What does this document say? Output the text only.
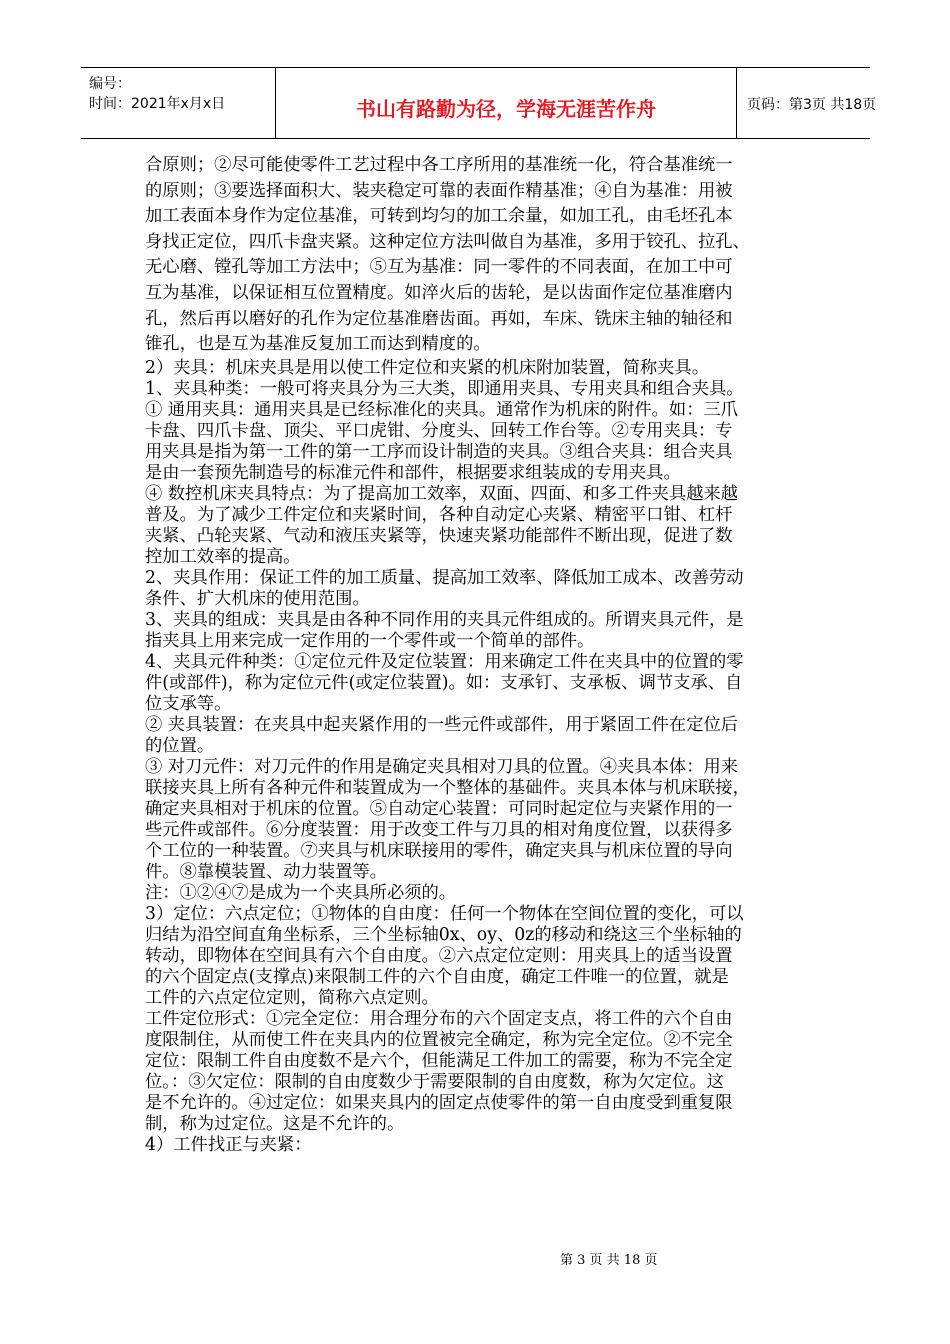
编号：
时间：2021年x月x日	书山有路勤为径，学海无涯苦作舟	页码：第3页 共18页
合原则；②尽可能使零件工艺过程中各工序所用的基准统一化，符合基准统一
的原则；③要选择面积大、装夹稳定可靠的表面作精基准；④自为基准：用被
加工表面本身作为定位基准，可转到均匀的加工余量，如加工孔，由毛坯孔本
身找正定位，四爪卡盘夹紧。这种定位方法叫做自为基准，多用于铰孔、拉孔、
无心磨、镗孔等加工方法中；⑤互为基准：同一零件的不同表面，在加工中可
互为基准，以保证相互位置精度。如淬火后的齿轮，是以齿面作定位基准磨内
孔，然后再以磨好的孔作为定位基准磨齿面。再如，车床、铣床主轴的轴径和
锥孔，也是互为基准反复加工而达到精度的。
2）夹具：机床夹具是用以使工件定位和夹紧的机床附加装置，简称夹具。
1、夹具种类：一般可将夹具分为三大类，即通用夹具、专用夹具和组合夹具。
① 通用夹具：通用夹具是已经标准化的夹具。通常作为机床的附件。如：三爪
卡盘、四爪卡盘、顶尖、平口虎钳、分度头、回转工作台等。②专用夹具：专
用夹具是指为第一工件的第一工序而设计制造的夹具。③组合夹具：组合夹具
是由一套预先制造号的标准元件和部件，根据要求组装成的专用夹具。
④ 数控机床夹具特点：为了提高加工效率，双面、四面、和多工件夹具越来越
普及。为了减少工件定位和夹紧时间，各种自动定心夹紧、精密平口钳、杠杆
夹紧、凸轮夹紧、气动和液压夹紧等，快速夹紧功能部件不断出现，促进了数
控加工效率的提高。
2、夹具作用：保证工件的加工质量、提高加工效率、降低加工成本、改善劳动
条件、扩大机床的使用范围。
3、夹具的组成：夹具是由各种不同作用的夹具元件组成的。所谓夹具元件，是
指夹具上用来完成一定作用的一个零件或一个简单的部件。
4、夹具元件种类：①定位元件及定位装置：用来确定工件在夹具中的位置的零
件(或部件)，称为定位元件(或定位装置)。如：支承钉、支承板、调节支承、自
位支承等。
② 夹具装置：在夹具中起夹紧作用的一些元件或部件，用于紧固工件在定位后
的位置。
③ 对刀元件：对刀元件的作用是确定夹具相对刀具的位置。④夹具本体：用来
联接夹具上所有各种元件和装置成为一个整体的基础件。夹具本体与机床联接，
确定夹具相对于机床的位置。⑤自动定心装置：可同时起定位与夹紧作用的一
些元件或部件。⑥分度装置：用于改变工件与刀具的相对角度位置，以获得多
个工位的一种装置。⑦夹具与机床联接用的零件，确定夹具与机床位置的导向
件。⑧靠模装置、动力装置等。
注：①②④⑦是成为一个夹具所必须的。
3）定位：六点定位；①物体的自由度：任何一个物体在空间位置的变化，可以
归结为沿空间直角坐标系，三个坐标轴0x、oy、0z的移动和绕这三个坐标轴的
转动，即物体在空间具有六个自由度。②六点定位定则：用夹具上的适当设置
的六个固定点(支撑点)来限制工件的六个自由度，确定工件唯一的位置，就是
工件的六点定位定则，简称六点定则。
工件定位形式：①完全定位：用合理分布的六个固定支点，将工件的六个自由
度限制住，从而使工件在夹具内的位置被完全确定，称为完全定位。②不完全
定位：限制工件自由度数不是六个，但能满足工件加工的需要，称为不完全定
位。：③欠定位：限制的自由度数少于需要限制的自由度数，称为欠定位。这
是不允许的。④过定位：如果夹具内的固定点使零件的第一自由度受到重复限
制，称为过定位。这是不允许的。
4）工件找正与夹紧：
第 3 页 共 18 页
